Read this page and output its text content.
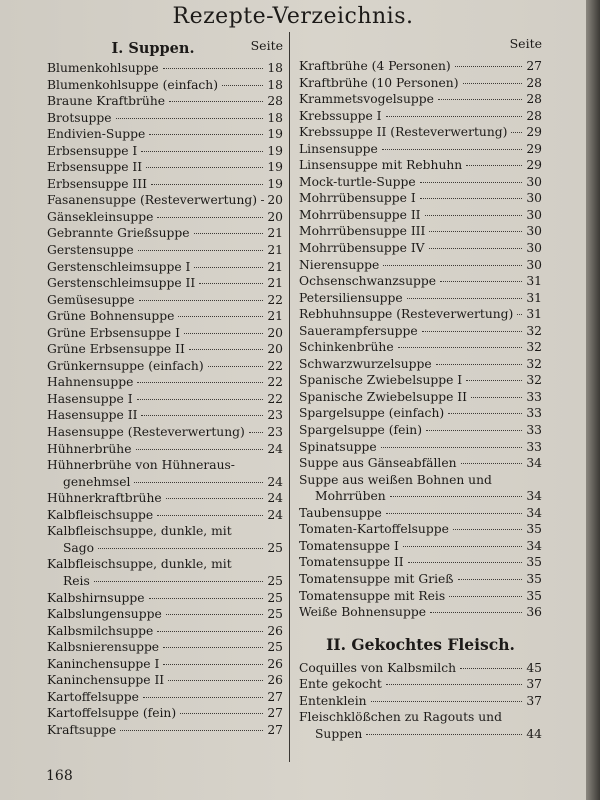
Rezepte-Verzeichnis.
I. Suppen.	Seite
Blumenkohlsuppe	18
Blumenkohlsuppe (einfach)	18
Braune Kraftbrühe	28
Brotsuppe	18
Endivien-Suppe	19
Erbsensuppe I	19
Erbsensuppe II	19
Erbsensuppe III	19
Fasanensuppe (Resteverwertung) 20
Gänsekleinsuppe	20
Gebrannte Grießsuppe	21
Gerstensuppe	21
Gerstenschleimsuppe I	21
Gerstenschleimsuppe II	21
Gemüsesuppe	22
Grüne Bohnensuppe	21
Grüne Erbsensuppe I	20
Grüne Erbsensuppe II	20
Grünkernsuppe (einfach)	22
Hahnensuppe	22
Hasensuppe I	22
Hasensuppe II	23
Hasensuppe (Resteverwertung) 23
Hühnerbrühe	24
Hühnerbrühe von Hühneraus-
genehmsel	24
Hühnerkraftbrühe	24
Kalbfleischsuppe	24
Kalbfleischsuppe, dunkle, mit
Sago	25
Kalbfleischsuppe, dunkle, mit
Reis	25
Kalbshirnsuppe	25
Kalbslungensuppe	25
Kalbsmilchsuppe	26
Kalbsnierensuppe	25
Kaninchensuppe I	26
Kaninchensuppe II	26
Kartoffelsuppe	27
Kartoffelsuppe (fein)	27
Kraftsuppe	27
Seite
Kraftbrühe (4 Personen)	27
Kraftbrühe (10 Personen)	28
Krammetsvogelsuppe	28
Krebssuppe I	28
Krebssuppe II (Resteverwertung) 29
Linsensuppe	29
Linsensuppe mit Rebhuhn	29
Mock-turtle-Suppe	30
Mohrrübensuppe I	30
Mohrrübensuppe II	30
Mohrrübensuppe III	30
Mohrrübensuppe IV	30
Nierensuppe	30
Ochsenschwanzsuppe	31
Petersiliensuppe	31
Rebhuhnsuppe (Resteverwertung) 31
Sauerampfersuppe	32
Schinkenbrühe	32
Schwarzwurzelsuppe	32
Spanische Zwiebelsuppe I	32
Spanische Zwiebelsuppe II	33
Spargelsuppe (einfach)	33
Spargelsuppe (fein)	33
Spinatsuppe	33
Suppe aus Gänseabfällen	34
Suppe aus weißen Bohnen und
Mohrrüben	34
Taubensuppe	34
Tomaten-Kartoffelsuppe	35
Tomatensuppe I	34
Tomatensuppe II	35
Tomatensuppe mit Grieß	35
Tomatensuppe mit Reis	35
Weiße Bohnensuppe	36
II. Gekochtes Fleisch.
Coquilles von Kalbsmilch	45
Ente gekocht	37
Entenklein	37
Fleischklößchen zu Ragouts und
Suppen	44
168
